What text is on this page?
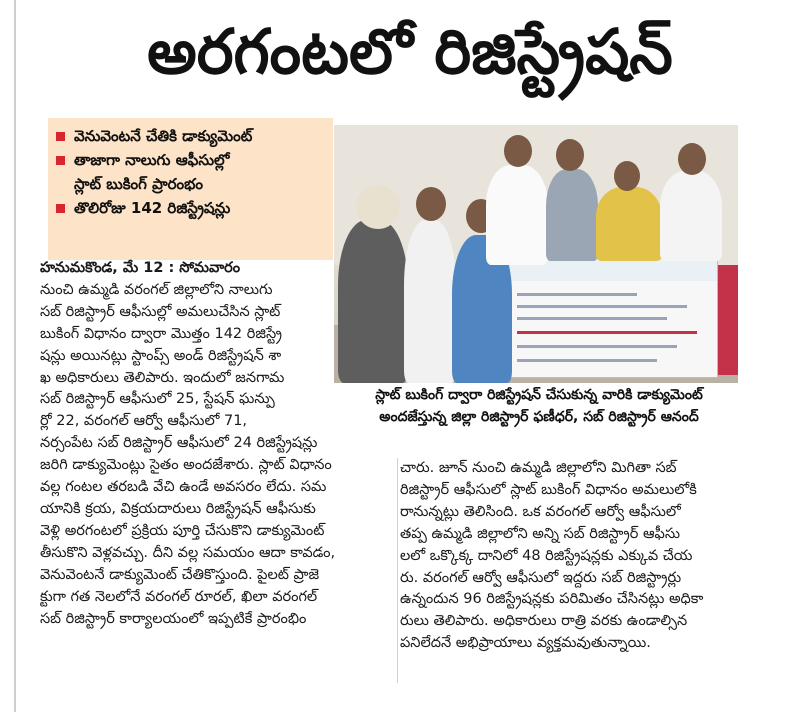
అరగంటలో రిజిస్ట్రేషన్
వెనువెంటనే చేతికి డాక్యుమెంట్
తాజాగా నాలుగు ఆఫీసుల్లో
స్లాట్ బుకింగ్ ప్రారంభం
తొలిరోజు 142 రిజిస్ట్రేషన్లు
స్లాట్ బుకింగ్ ద్వారా రిజిస్ట్రేషన్ చేసుకున్న వారికి డాక్యుమెంట్
అందజేస్తున్న జిల్లా రిజిస్ట్రార్ ఫణీధర్, సబ్ రిజిస్ట్రార్ ఆనంద్
హనుమకొండ, మే 12 : సోమవారం
నుంచి ఉమ్మడి వరంగల్ జిల్లాలోని నాలుగు
సబ్ రిజిస్ట్రార్ ఆఫీసుల్లో అమలుచేసిన స్లాట్
బుకింగ్ విధానం ద్వారా మొత్తం 142 రిజిస్ట్రే
షన్లు అయినట్లు స్టాంప్స్ అండ్ రిజిస్ట్రేషన్ శా
ఖ అధికారులు తెలిపారు. ఇందులో జనగామ
సబ్ రిజిస్ట్రార్ ఆఫీసులో 25, స్టేషన్ ఘన్పు
ర్లో 22, వరంగల్ ఆర్వో ఆఫీసులో 71,
నర్సంపేట సబ్ రిజిస్ట్రార్ ఆఫీసులో 24 రిజిస్ట్రేషన్లు
జరిగి డాక్యుమెంట్లు సైతం అందజేశారు. స్లాట్ విధానం
వల్ల గంటల తరబడి వేచి ఉండే అవసరం లేదు. సమ
యానికి క్రయ, విక్రయదారులు రిజిస్ట్రేషన్ ఆఫీసుకు
వెళ్లి అరగంటలో ప్రక్రియ పూర్తి చేసుకొని డాక్యుమెంట్
తీసుకొని వెళ్లవచ్చు. దీని వల్ల సమయం ఆదా కావడం,
వెనువెంటనే డాక్యుమెంట్ చేతికొస్తుంది. పైలట్ ప్రాజె
క్టుగా గత నెలలోనే వరంగల్ రూరల్, ఖిలా వరంగల్
సబ్ రిజిస్ట్రార్ కార్యాలయంలో ఇప్పటికే ప్రారంభిం
చారు. జూన్ నుంచి ఉమ్మడి జిల్లాలోని మిగితా సబ్
రిజిస్ట్రార్ ఆఫీసులో స్లాట్ బుకింగ్ విధానం అమలులోకి
రానున్నట్లు తెలిసింది. ఒక వరంగల్ ఆర్వో ఆఫీసులో
తప్ప ఉమ్మడి జిల్లాలోని అన్ని సబ్ రిజిస్ట్రార్ ఆఫీసు
లలో ఒక్కొక్క దానిలో 48 రిజిస్ట్రేషన్లకు ఎక్కువ చేయ
రు. వరంగల్ ఆర్వో ఆఫీసులో ఇద్దరు సబ్ రిజిస్ట్రార్లు
ఉన్నందున 96 రిజిస్ట్రేషన్లకు పరిమితం చేసినట్లు అధికా
రులు తెలిపారు. అధికారులు రాత్రి వరకు ఉండాల్సిన
పనిలేదనే అభిప్రాయాలు వ్యక్తమవుతున్నాయి.
